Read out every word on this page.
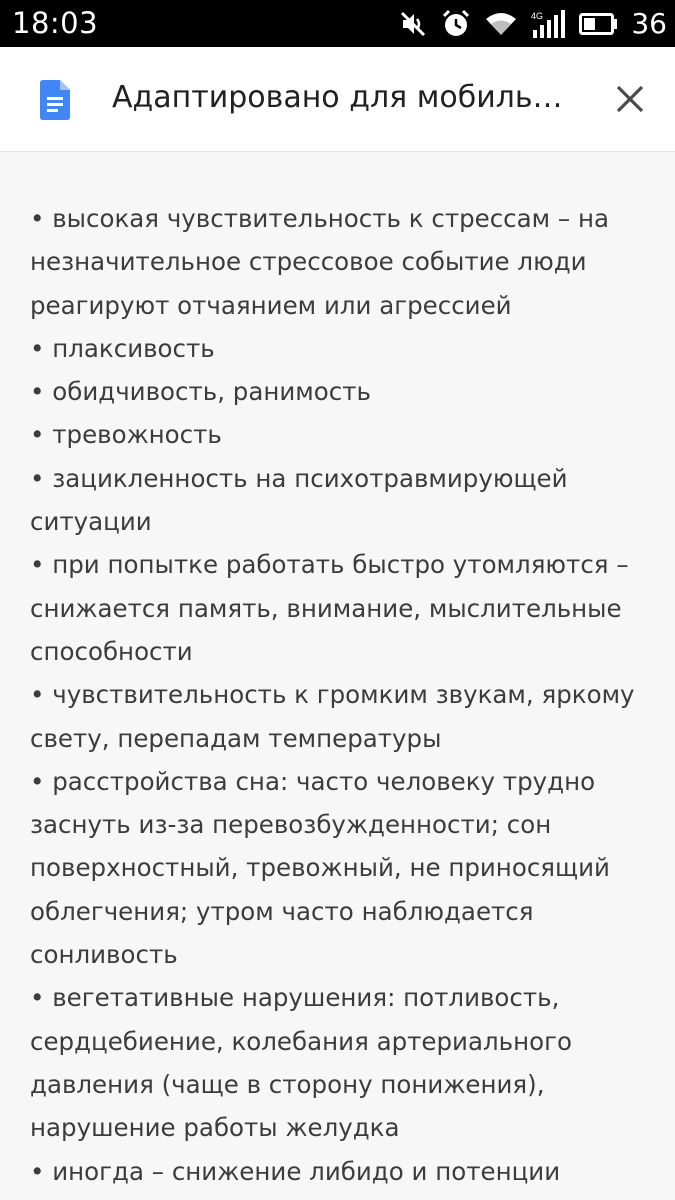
18:03	4G	36
Адаптировано для мобиль…

• высокая чувствительность к стрессам – на незначительное стрессовое событие люди реагируют отчаянием или агрессией

• плаксивость

• обидчивость, ранимость

• тревожность

• зацикленность на психотравмирующей ситуации

• при попытке работать быстро утомляются – снижается память, внимание, мыслительные способности

• чувствительность к громким звукам, яркому свету, перепадам температуры

• расстройства сна: часто человеку трудно заснуть из-за перевозбужденности; сон поверхностный, тревожный, не приносящий облегчения; утром часто наблюдается сонливость

• вегетативные нарушения: потливость, сердцебиение, колебания артериального давления (чаще в сторону понижения), нарушение работы желудка

• иногда – снижение либидо и потенции
